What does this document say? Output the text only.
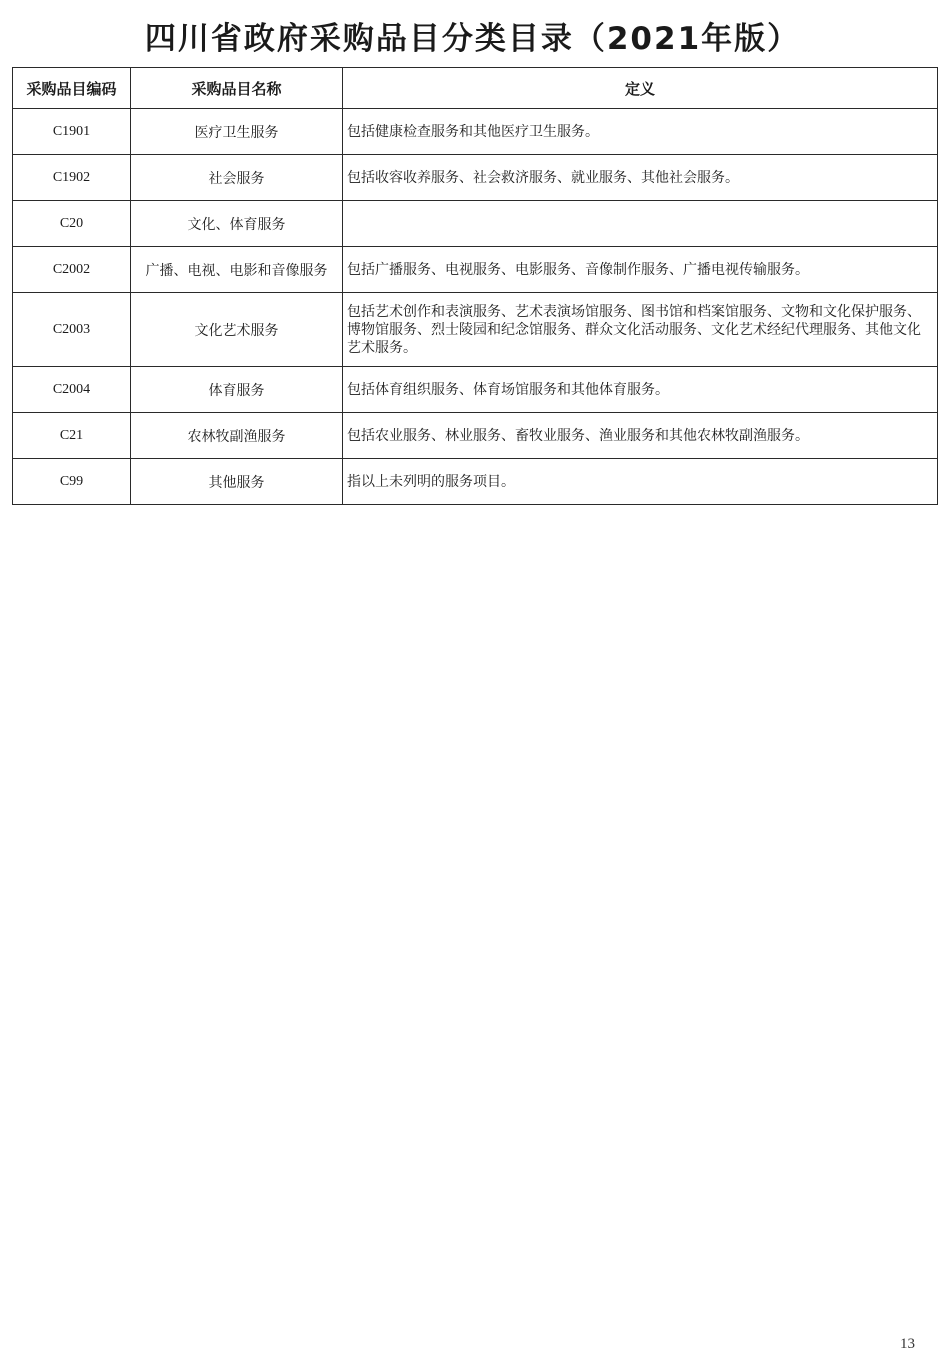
四川省政府采购品目分类目录（2021年版）
采购品目编码	采购品目名称	定义
C1901	医疗卫生服务	包括健康检查服务和其他医疗卫生服务。
C1902	社会服务	包括收容收养服务、社会救济服务、就业服务、其他社会服务。
C20	文化、体育服务	
C2002	广播、电视、电影和音像服务	包括广播服务、电视服务、电影服务、音像制作服务、广播电视传输服务。
C2003	文化艺术服务	包括艺术创作和表演服务、艺术表演场馆服务、图书馆和档案馆服务、文物和文化保护服务、博物馆服务、烈士陵园和纪念馆服务、群众文化活动服务、文化艺术经纪代理服务、其他文化艺术服务。
C2004	体育服务	包括体育组织服务、体育场馆服务和其他体育服务。
C21	农林牧副渔服务	包括农业服务、林业服务、畜牧业服务、渔业服务和其他农林牧副渔服务。
C99	其他服务	指以上未列明的服务项目。
13
